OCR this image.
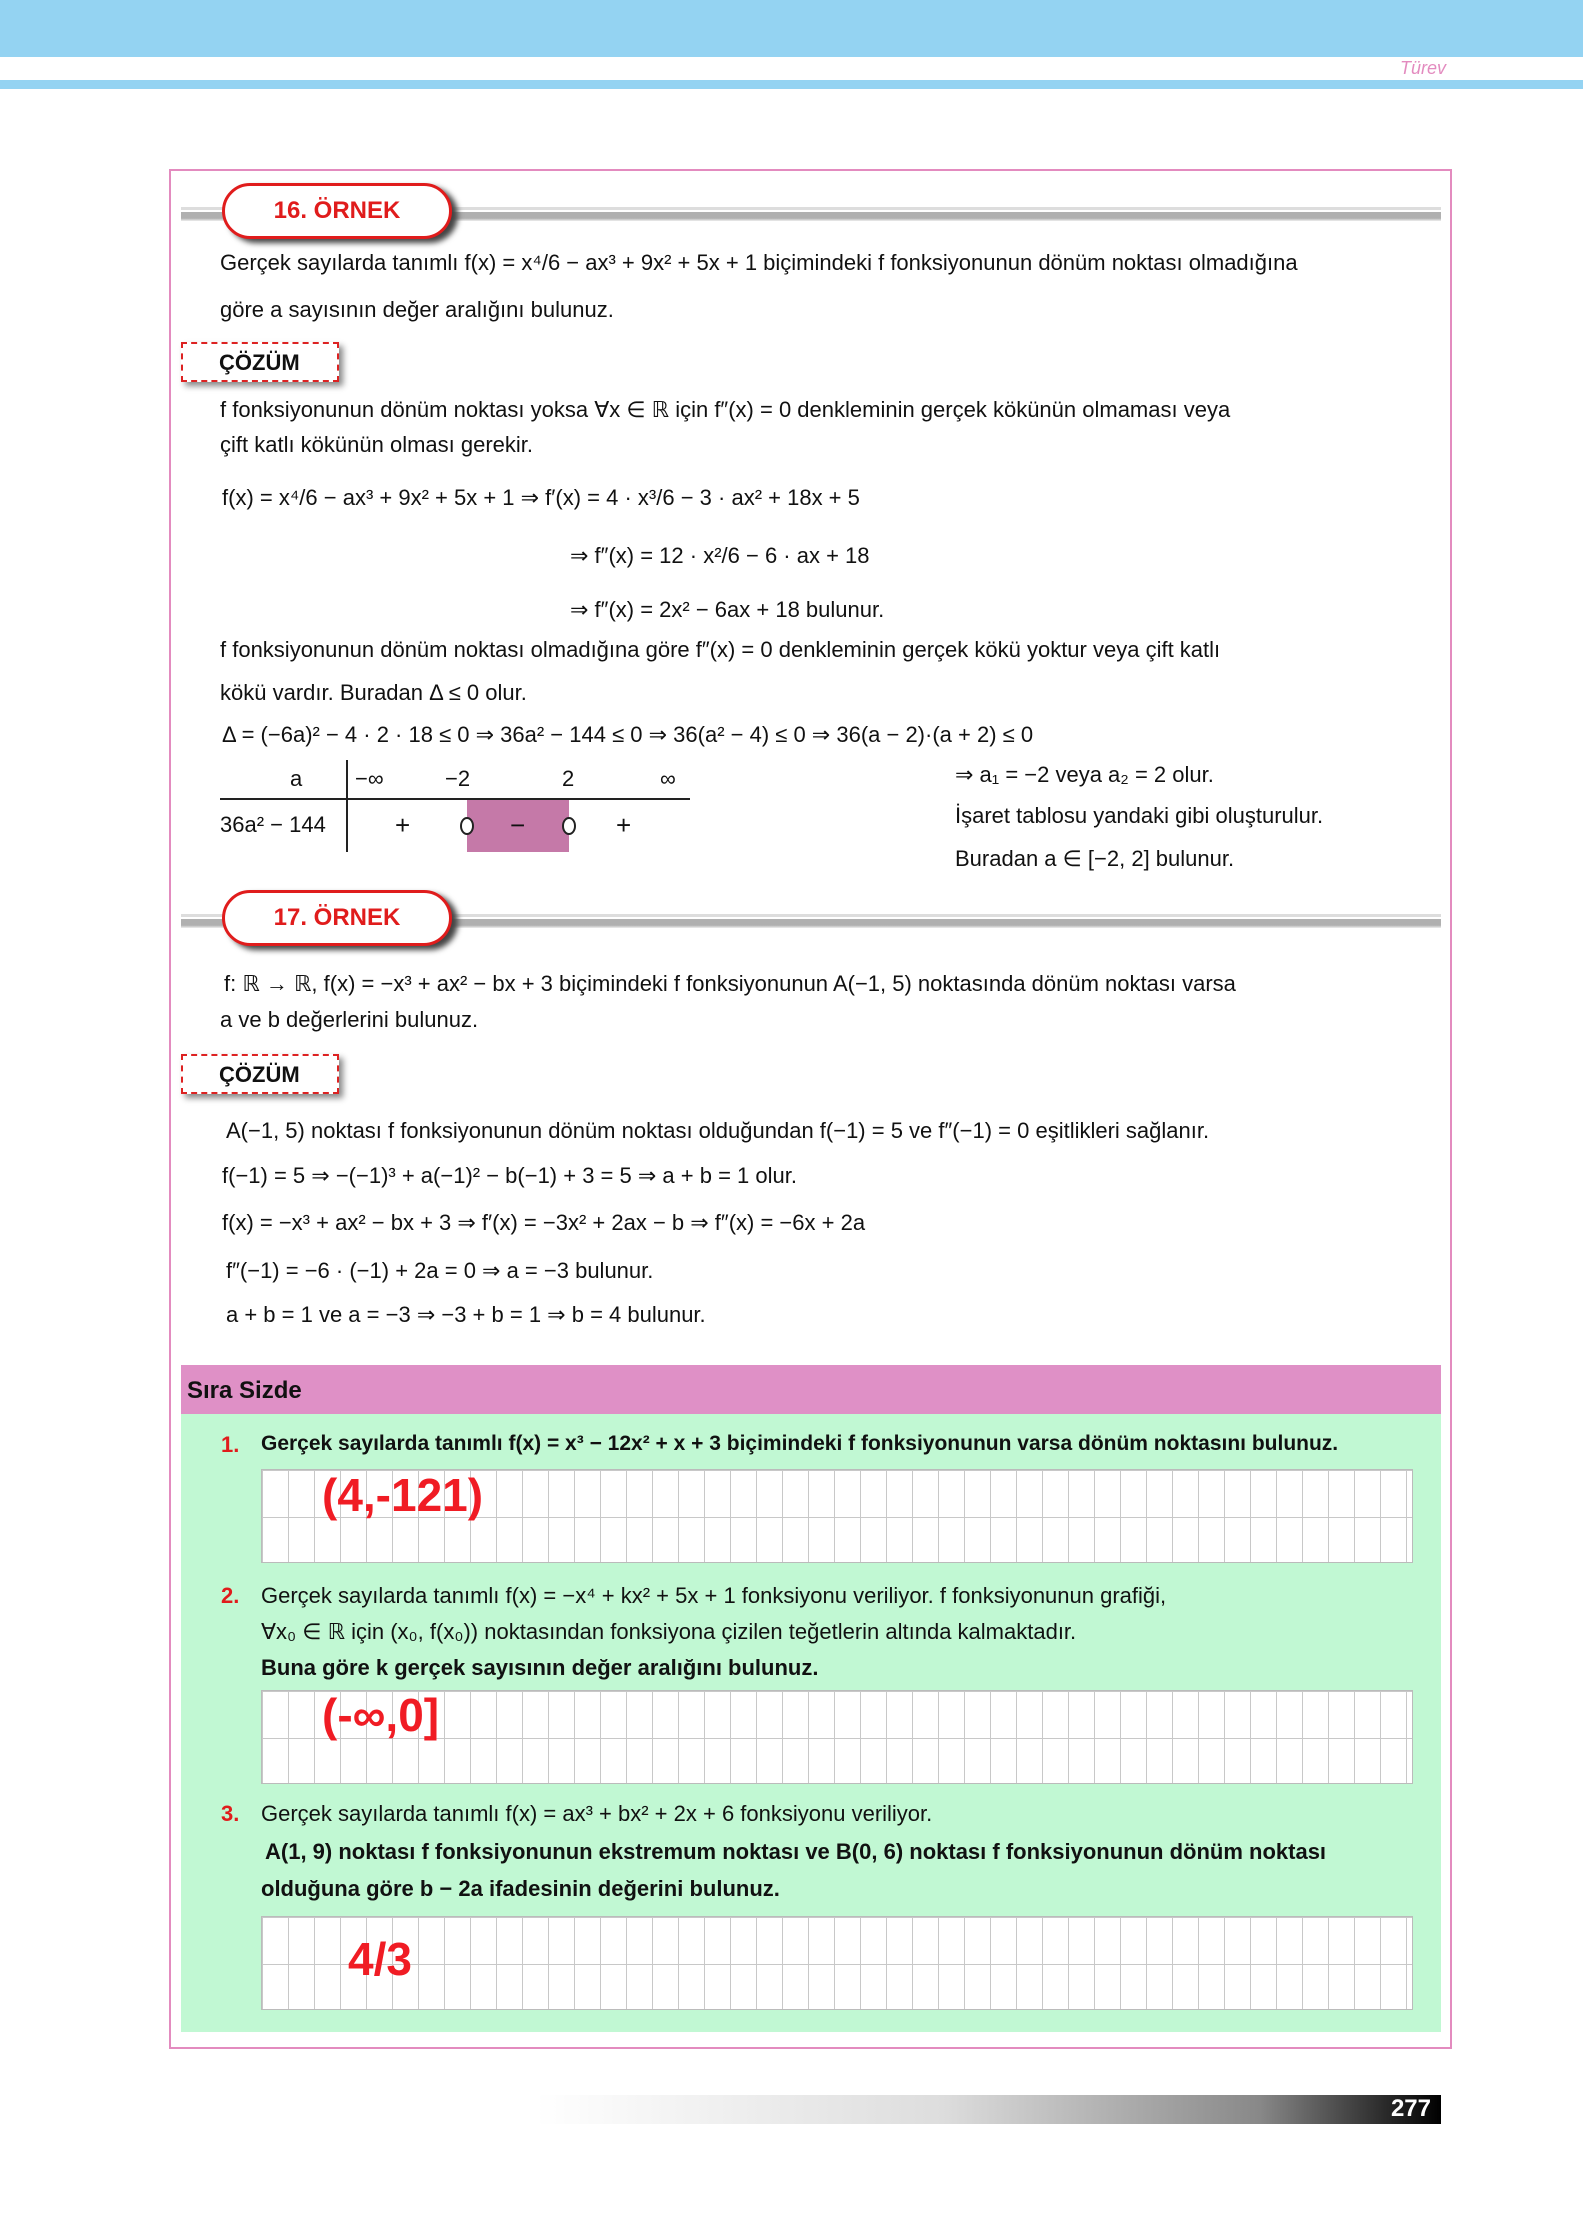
Türev
16. ÖRNEK
Gerçek sayılarda tanımlı f(x) = x⁴/6 − ax³ + 9x² + 5x + 1 biçimindeki f fonksiyonunun dönüm noktası olmadığına
göre a sayısının değer aralığını bulunuz.
ÇÖZÜM
f fonksiyonunun dönüm noktası yoksa ∀x ∈ ℝ için f″(x) = 0 denkleminin gerçek kökünün olmaması veya
çift katlı kökünün olması gerekir.
f(x) = x⁴/6 − ax³ + 9x² + 5x + 1 ⇒ f′(x) = 4 · x³/6 − 3 · ax² + 18x + 5
⇒ f″(x) = 12 · x²/6 − 6 · ax + 18
⇒ f″(x) = 2x² − 6ax + 18 bulunur.
f fonksiyonunun dönüm noktası olmadığına göre f″(x) = 0 denkleminin gerçek kökü yoktur veya çift katlı
kökü vardır. Buradan Δ ≤ 0 olur.
Δ = (−6a)² − 4 · 2 · 18 ≤ 0 ⇒ 36a² − 144 ≤ 0 ⇒ 36(a² − 4) ≤ 0 ⇒ 36(a − 2)·(a + 2) ≤ 0
a −∞	−2	2	∞
36a² − 144	+	−	+
⇒ a₁ = −2 veya a₂ = 2 olur.
İşaret tablosu yandaki gibi oluşturulur.
Buradan a ∈ [−2, 2] bulunur.
17. ÖRNEK
f: ℝ → ℝ, f(x) = −x³ + ax² − bx + 3 biçimindeki f fonksiyonunun A(−1, 5) noktasında dönüm noktası varsa
a ve b değerlerini bulunuz.
ÇÖZÜM
A(−1, 5) noktası f fonksiyonunun dönüm noktası olduğundan f(−1) = 5 ve f″(−1) = 0 eşitlikleri sağlanır.
f(−1) = 5 ⇒ −(−1)³ + a(−1)² − b(−1) + 3 = 5 ⇒ a + b = 1 olur.
f(x) = −x³ + ax² − bx + 3 ⇒ f′(x) = −3x² + 2ax − b ⇒ f″(x) = −6x + 2a
f″(−1) = −6 · (−1) + 2a = 0 ⇒ a = −3 bulunur.
a + b = 1 ve a = −3 ⇒ −3 + b = 1 ⇒ b = 4 bulunur.
Sıra Sizde
1. Gerçek sayılarda tanımlı f(x) = x³ − 12x² + x + 3 biçimindeki f fonksiyonunun varsa dönüm noktasını bulunuz.
(4,-121)
2. Gerçek sayılarda tanımlı f(x) = −x⁴ + kx² + 5x + 1 fonksiyonu veriliyor. f fonksiyonunun grafiği,
∀x₀ ∈ ℝ için (x₀, f(x₀)) noktasından fonksiyona çizilen teğetlerin altında kalmaktadır.
Buna göre k gerçek sayısının değer aralığını bulunuz.
(-∞,0]
3. Gerçek sayılarda tanımlı f(x) = ax³ + bx² + 2x + 6 fonksiyonu veriliyor.
A(1, 9) noktası f fonksiyonunun ekstremum noktası ve B(0, 6) noktası f fonksiyonunun dönüm noktası
olduğuna göre b − 2a ifadesinin değerini bulunuz.
4/3
277
